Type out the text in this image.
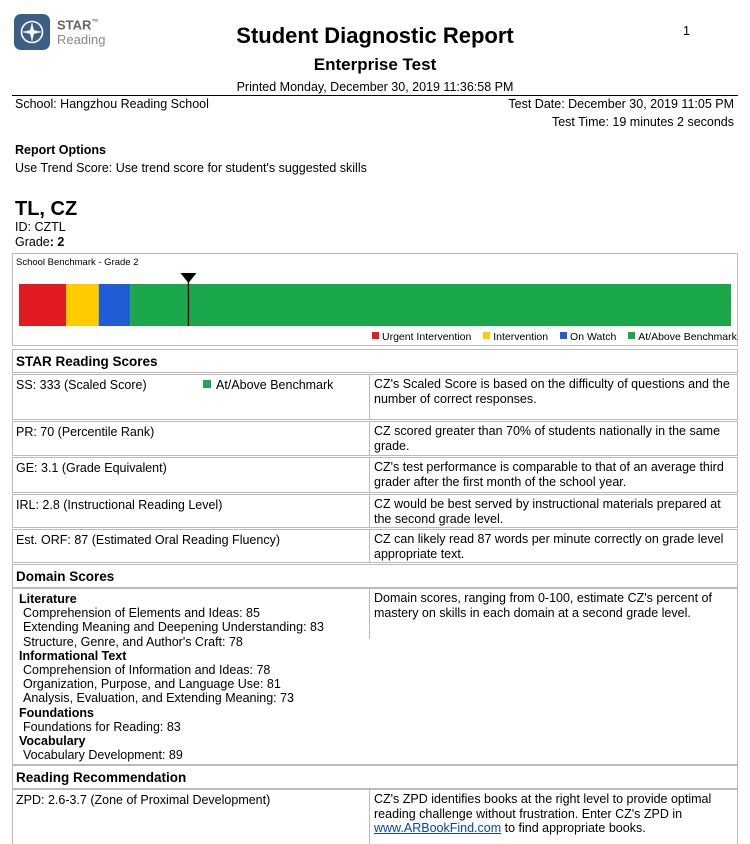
STAR™
Reading	Student Diagnostic Report
Enterprise Test
1
Printed Monday, December 30, 2019 11:36:58 PM
School: Hangzhou Reading School	Test Date: December 30, 2019 11:05 PM
Test Time: 19 minutes 2 seconds
Report Options
Use Trend Score: Use trend score for student's suggested skills
TL, CZ
ID: CZTL
Grade: 2
School Benchmark - Grade 2
Urgent Intervention Intervention On Watch At/Above Benchmark
STAR Reading Scores
SS: 333 (Scaled Score)	At/Above Benchmark	CZ's Scaled Score is based on the difficulty of questions and the number of correct responses.
PR: 70 (Percentile Rank)	CZ scored greater than 70% of students nationally in the same grade.
GE: 3.1 (Grade Equivalent)	CZ's test performance is comparable to that of an average third grader after the first month of the school year.
IRL: 2.8 (Instructional Reading Level)	CZ would be best served by instructional materials prepared at the second grade level.
Est. ORF: 87 (Estimated Oral Reading Fluency)	CZ can likely read 87 words per minute correctly on grade level appropriate text.
Domain Scores
Literature
Comprehension of Elements and Ideas: 85
Extending Meaning and Deepening Understanding: 83
Structure, Genre, and Author's Craft: 78
Informational Text
Comprehension of Information and Ideas: 78
Organization, Purpose, and Language Use: 81
Analysis, Evaluation, and Extending Meaning: 73
Foundations
Foundations for Reading: 83
Vocabulary
Vocabulary Development: 89
Domain scores, ranging from 0-100, estimate CZ's percent of mastery on skills in each domain at a second grade level.
Reading Recommendation
ZPD: 2.6-3.7 (Zone of Proximal Development)	CZ's ZPD identifies books at the right level to provide optimal reading challenge without frustration. Enter CZ's ZPD in www.ARBookFind.com to find appropriate books.
